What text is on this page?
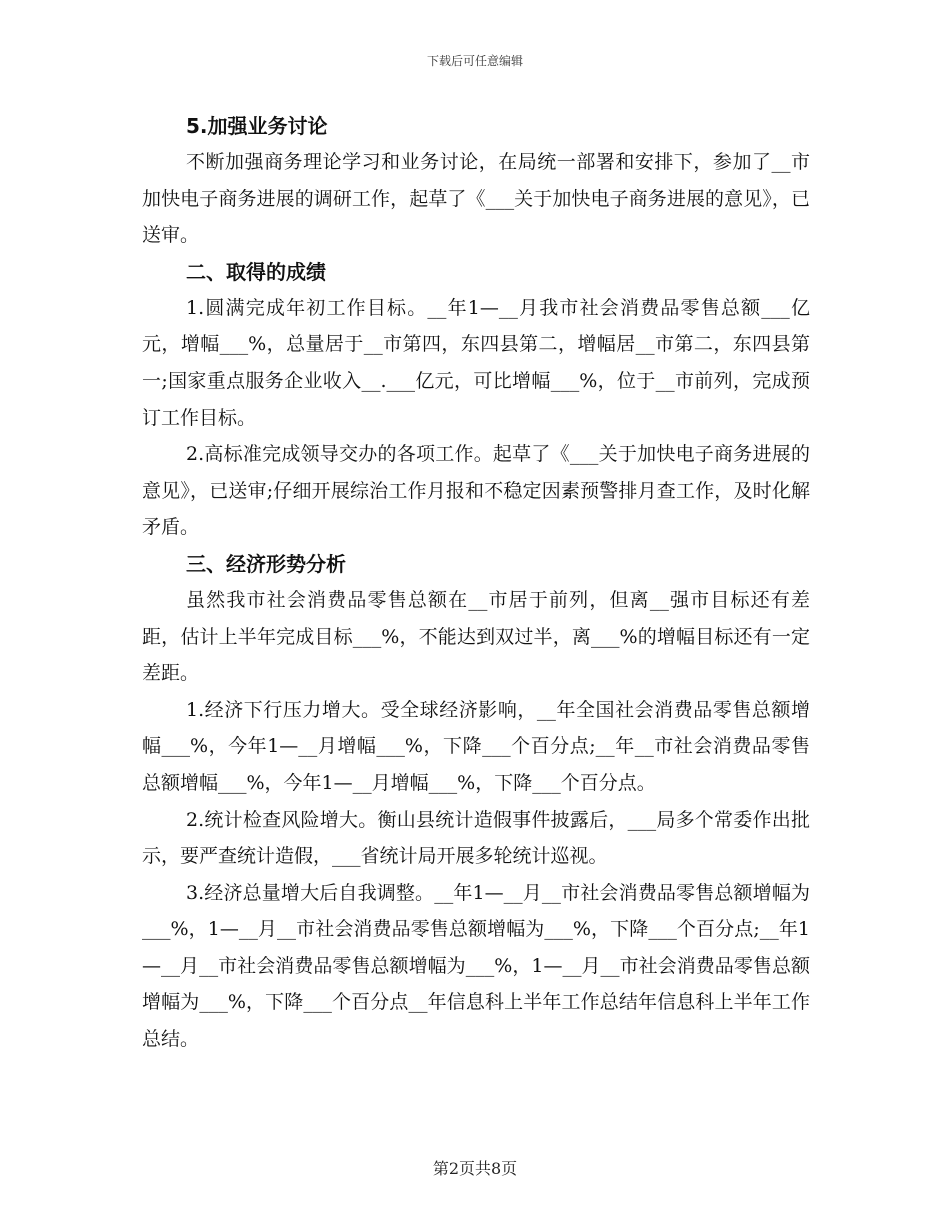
下载后可任意编辑
5.加强业务讨论

不断加强商务理论学习和业务讨论，在局统一部署和安排下，参加了__市加快电子商务进展的调研工作，起草了《___关于加快电子商务进展的意见》，已送审。

二、取得的成绩

1.圆满完成年初工作目标。__年1—__月我市社会消费品零售总额___亿元，增幅___%，总量居于__市第四，东四县第二，增幅居__市第二，东四县第一;国家重点服务企业收入__.___亿元，可比增幅___%，位于__市前列，完成预订工作目标。

2.高标准完成领导交办的各项工作。起草了《___关于加快电子商务进展的意见》，已送审;仔细开展综治工作月报和不稳定因素预警排月查工作，及时化解矛盾。

三、经济形势分析

虽然我市社会消费品零售总额在__市居于前列，但离__强市目标还有差距，估计上半年完成目标___%，不能达到双过半，离___%的增幅目标还有一定差距。

1.经济下行压力增大。受全球经济影响，__年全国社会消费品零售总额增幅___%，今年1—__月增幅___%，下降___个百分点;__年__市社会消费品零售总额增幅___%，今年1—__月增幅___%，下降___个百分点。

2.统计检查风险增大。衡山县统计造假事件披露后，___局多个常委作出批示，要严查统计造假，___省统计局开展多轮统计巡视。

3.经济总量增大后自我调整。__年1—__月__市社会消费品零售总额增幅为___%，1—__月__市社会消费品零售总额增幅为___%，下降___个百分点;__年1—__月__市社会消费品零售总额增幅为___%，1—__月__市社会消费品零售总额增幅为___%，下降___个百分点__年信息科上半年工作总结年信息科上半年工作总结。

第2页共8页
